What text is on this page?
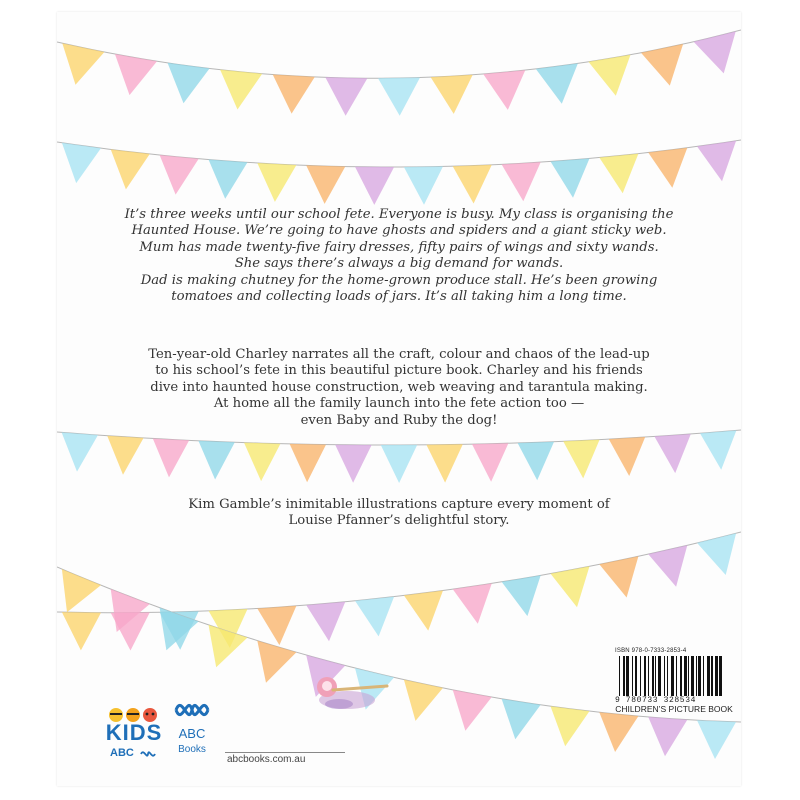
It’s three weeks until our school fete. Everyone is busy. My class is organising the
Haunted House. We’re going to have ghosts and spiders and a giant sticky web.
Mum has made twenty-five fairy dresses, fifty pairs of wings and sixty wands.
She says there’s always a big demand for wands.
Dad is making chutney for the home-grown produce stall. He’s been growing
tomatoes and collecting loads of jars. It’s all taking him a long time.
Ten-year-old Charley narrates all the craft, colour and chaos of the lead-up
to his school’s fete in this beautiful picture book. Charley and his friends
dive into haunted house construction, web weaving and tarantula making.
At home all the family launch into the fete action too —
even Baby and Ruby the dog!
Kim Gamble’s inimitable illustrations capture every moment of
Louise Pfanner’s delightful story.
ISBN 978-0-7333-2853-4
9 780733 328534
CHILDREN’S PICTURE BOOK
KIDS
ABC
ABC
Books
abcbooks.com.au
